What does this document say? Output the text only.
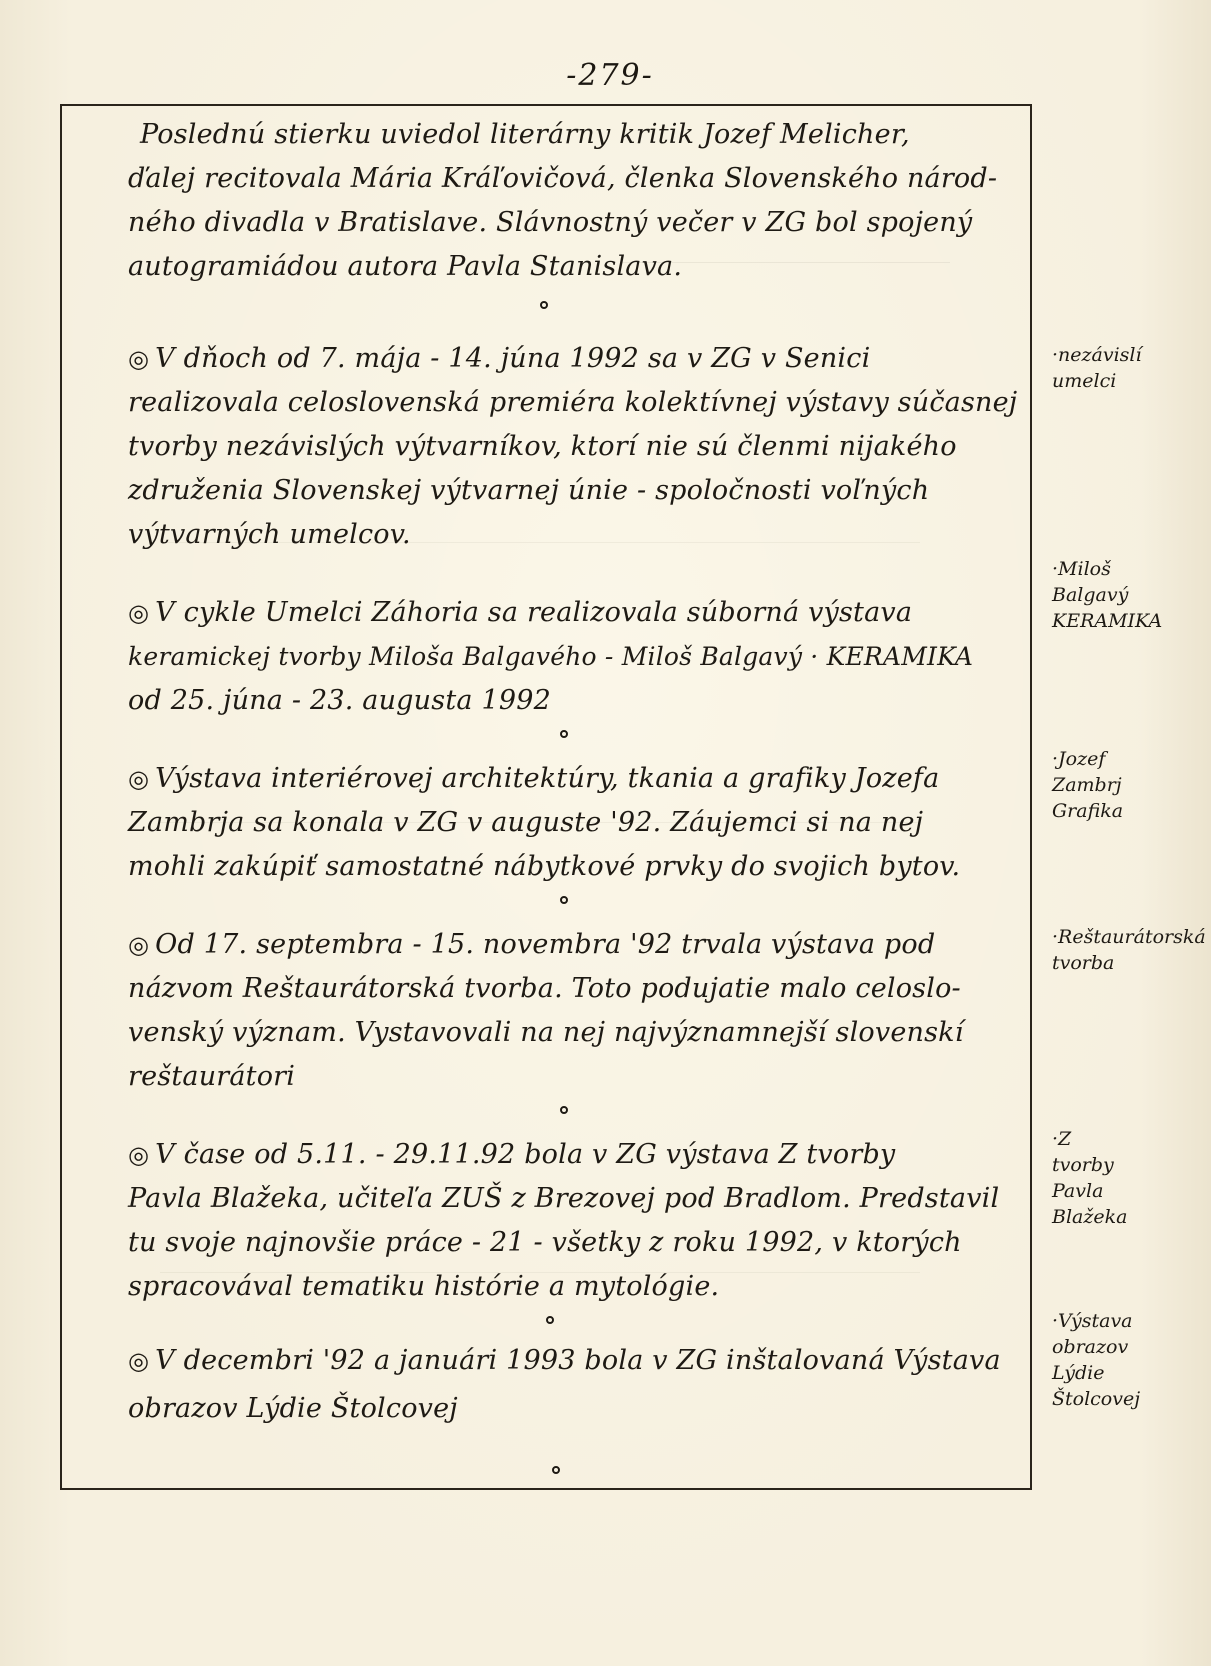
-279-
Poslednú stierku uviedol literárny kritik Jozef Melicher,
ďalej recitovala Mária Kráľovičová, členka Slovenského národ-
ného divadla v Bratislave. Slávnostný večer v ZG bol spojený
autogramiádou autora Pavla Stanislava.
◎ V dňoch od 7. mája - 14. júna 1992 sa v ZG v Senici
realizovala celoslovenská premiéra kolektívnej výstavy súčasnej
tvorby nezávislých výtvarníkov, ktorí nie sú členmi nijakého
združenia Slovenskej výtvarnej únie - spoločnosti voľných
výtvarných umelcov.
◎ V cykle Umelci Záhoria sa realizovala súborná výstava
keramickej tvorby Miloša Balgavého - Miloš Balgavý · KERAMIKA
od 25. júna - 23. augusta 1992
◎ Výstava interiérovej architektúry, tkania a grafiky Jozefa
Zambrja sa konala v ZG v auguste '92. Záujemci si na nej
mohli zakúpiť samostatné nábytkové prvky do svojich bytov.
◎ Od 17. septembra - 15. novembra '92 trvala výstava pod
názvom Reštaurátorská tvorba. Toto podujatie malo celoslo-
venský význam. Vystavovali na nej najvýznamnejší slovenskí
reštaurátori
◎ V čase od 5.11. - 29.11.92 bola v ZG výstava Z tvorby
Pavla Blažeka, učiteľa ZUŠ z Brezovej pod Bradlom. Predstavil
tu svoje najnovšie práce - 21 - všetky z roku 1992, v ktorých
spracovával tematiku histórie a mytológie.
◎ V decembri '92 a januári 1993 bola v ZG inštalovaná Výstava
obrazov Lýdie Štolcovej
·nezávislí
umelci
·Miloš
Balgavý
KERAMIKA
·Jozef
Zambrj
Grafika
·Reštaurátorská
tvorba
·Z
tvorby
Pavla
Blažeka
·Výstava
obrazov
Lýdie
Štolcovej
